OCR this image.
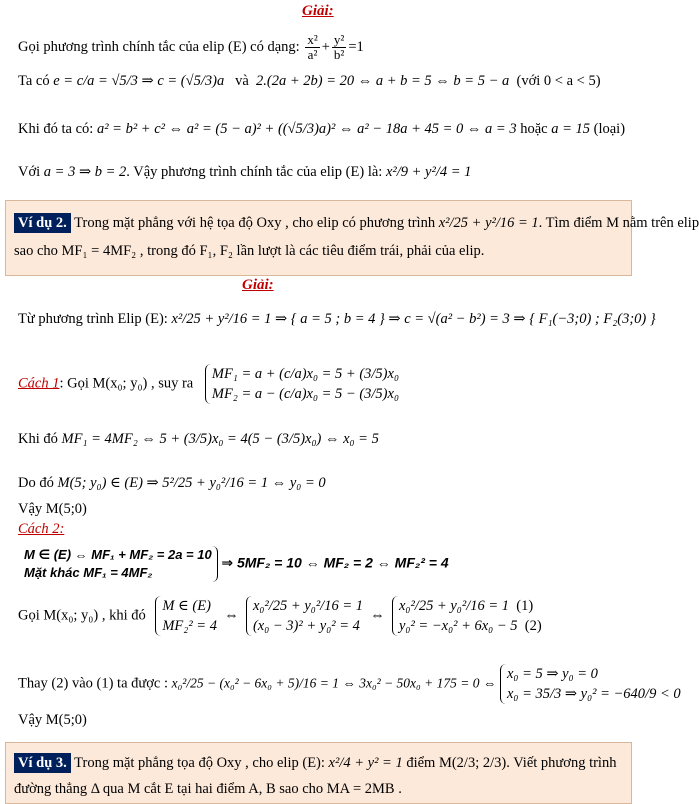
Giải:
Gọi phương trình chính tắc của elip (E) có dạng: $\frac{\text{x²}}{\text{a²}} + \frac{\text{y²}}{\text{b²}} =1$
Ta có e = c/a = √5/3 ⇒ c = (√5/3)a và 2.(2a + 2b) = 20 ⇔ a + b = 5 ⇔ b = 5 − a (với 0 < a < 5)
Khi đó ta có: a² = b² + c² ⇔ a² = (5 − a)² + ((√5/3)a)² ⇔ a² − 18a + 45 = 0 ⇔ a = 3 hoặc a = 15 (loại)
Với a = 3 ⇒ b = 2. Vậy phương trình chính tắc của elip (E) là: x²/9 + y²/4 = 1
Ví dụ 2. Trong mặt phẳng với hệ tọa độ Oxy , cho elip có phương trình x²/25 + y²/16 = 1. Tìm điểm M nằm trên elip
sao cho MF₁ = 4MF₂ , trong đó F₁, F₂ lần lượt là các tiêu điểm trái, phải của elip.
Giải:
Từ phương trình Elip (E): x²/25 + y²/16 = 1 ⇒ { a = 5 ; b = 4 } ⇒ c = √(a² − b²) = 3 ⇒ { F₁(−3;0) ; F₂(3;0) }
Cách 1: Gọi M(x₀; y₀) , suy ra MF₁ = a + (c/a)x₀ = 5 + (3/5)x₀
MF₂ = a − (c/a)x₀ = 5 − (3/5)x₀
Khi đó MF₁ = 4MF₂ ⇔ 5 + (3/5)x₀ = 4(5 − (3/5)x₀) ⇔ x₀ = 5
Do đó M(5; y₀) ∈ (E) ⇒ 5²/25 + y₀²/16 = 1 ⇔ y₀ = 0
Vậy M(5;0)
Cách 2:
M ∈ (E) ⇔ MF₁ + MF₂ = 2a = 10
Mặt khác MF₁ = 4MF₂ ⇒ 5MF₂ = 10 ⇔ MF₂ = 2 ⇔ MF₂² = 4
Gọi M(x₀; y₀) , khi đó M ∈ (E)
MF₂² = 4  ⇔  x₀²/25 + y₀²/16 = 1
(x₀ − 3)² + y₀² = 4  ⇔  x₀²/25 + y₀²/16 = 1 (1)
y₀² = −x₀² + 6x₀ − 5 (2)
Thay (2) vào (1) ta được : x₀²/25 − (x₀² − 6x₀ + 5)/16 = 1 ⇔ 3x₀² − 50x₀ + 175 = 0 ⇔ x₀ = 5 ⇒ y₀ = 0
x₀ = 35/3 ⇒ y₀² = −640/9 < 0
Vậy M(5;0)
Ví dụ 3. Trong mặt phẳng tọa độ Oxy , cho elip (E): x²/4 + y² = 1 điểm M(2/3; 2/3). Viết phương trình
đường thẳng Δ qua M cắt E tại hai điểm A, B sao cho MA = 2MB .
